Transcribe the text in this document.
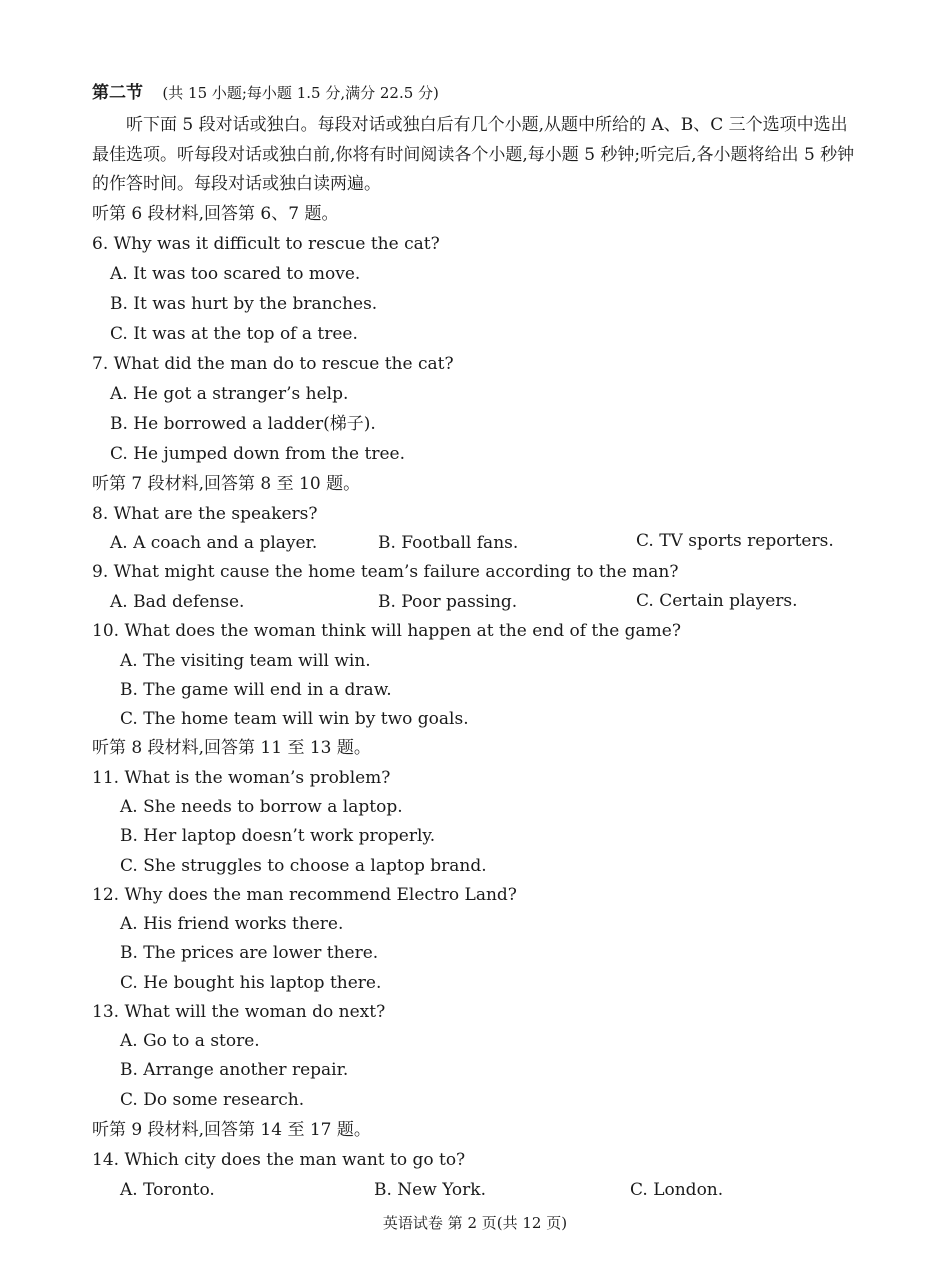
第二节 (共 15 小题;每小题 1.5 分,满分 22.5 分)
听下面 5 段对话或独白。每段对话或独白后有几个小题,从题中所给的 A、B、C 三个选项中选出最佳选项。听每段对话或独白前,你将有时间阅读各个小题,每小题 5 秒钟;听完后,各小题将给出 5 秒钟的作答时间。每段对话或独白读两遍。
听第 6 段材料,回答第 6、7 题。
6. Why was it difficult to rescue the cat?
A. It was too scared to move.
B. It was hurt by the branches.
C. It was at the top of a tree.
7. What did the man do to rescue the cat?
A. He got a stranger’s help.
B. He borrowed a ladder(梯子).
C. He jumped down from the tree.
听第 7 段材料,回答第 8 至 10 题。
8. What are the speakers?
A. A coach and a player.	B. Football fans.	C. TV sports reporters.
9. What might cause the home team’s failure according to the man?
A. Bad defense.	B. Poor passing.	C. Certain players.
10. What does the woman think will happen at the end of the game?
A. The visiting team will win.
B. The game will end in a draw.
C. The home team will win by two goals.
听第 8 段材料,回答第 11 至 13 题。
11. What is the woman’s problem?
A. She needs to borrow a laptop.
B. Her laptop doesn’t work properly.
C. She struggles to choose a laptop brand.
12. Why does the man recommend Electro Land?
A. His friend works there.
B. The prices are lower there.
C. He bought his laptop there.
13. What will the woman do next?
A. Go to a store.
B. Arrange another repair.
C. Do some research.
听第 9 段材料,回答第 14 至 17 题。
14. Which city does the man want to go to?
A. Toronto.	B. New York.	C. London.
英语试卷 第 2 页(共 12 页)
